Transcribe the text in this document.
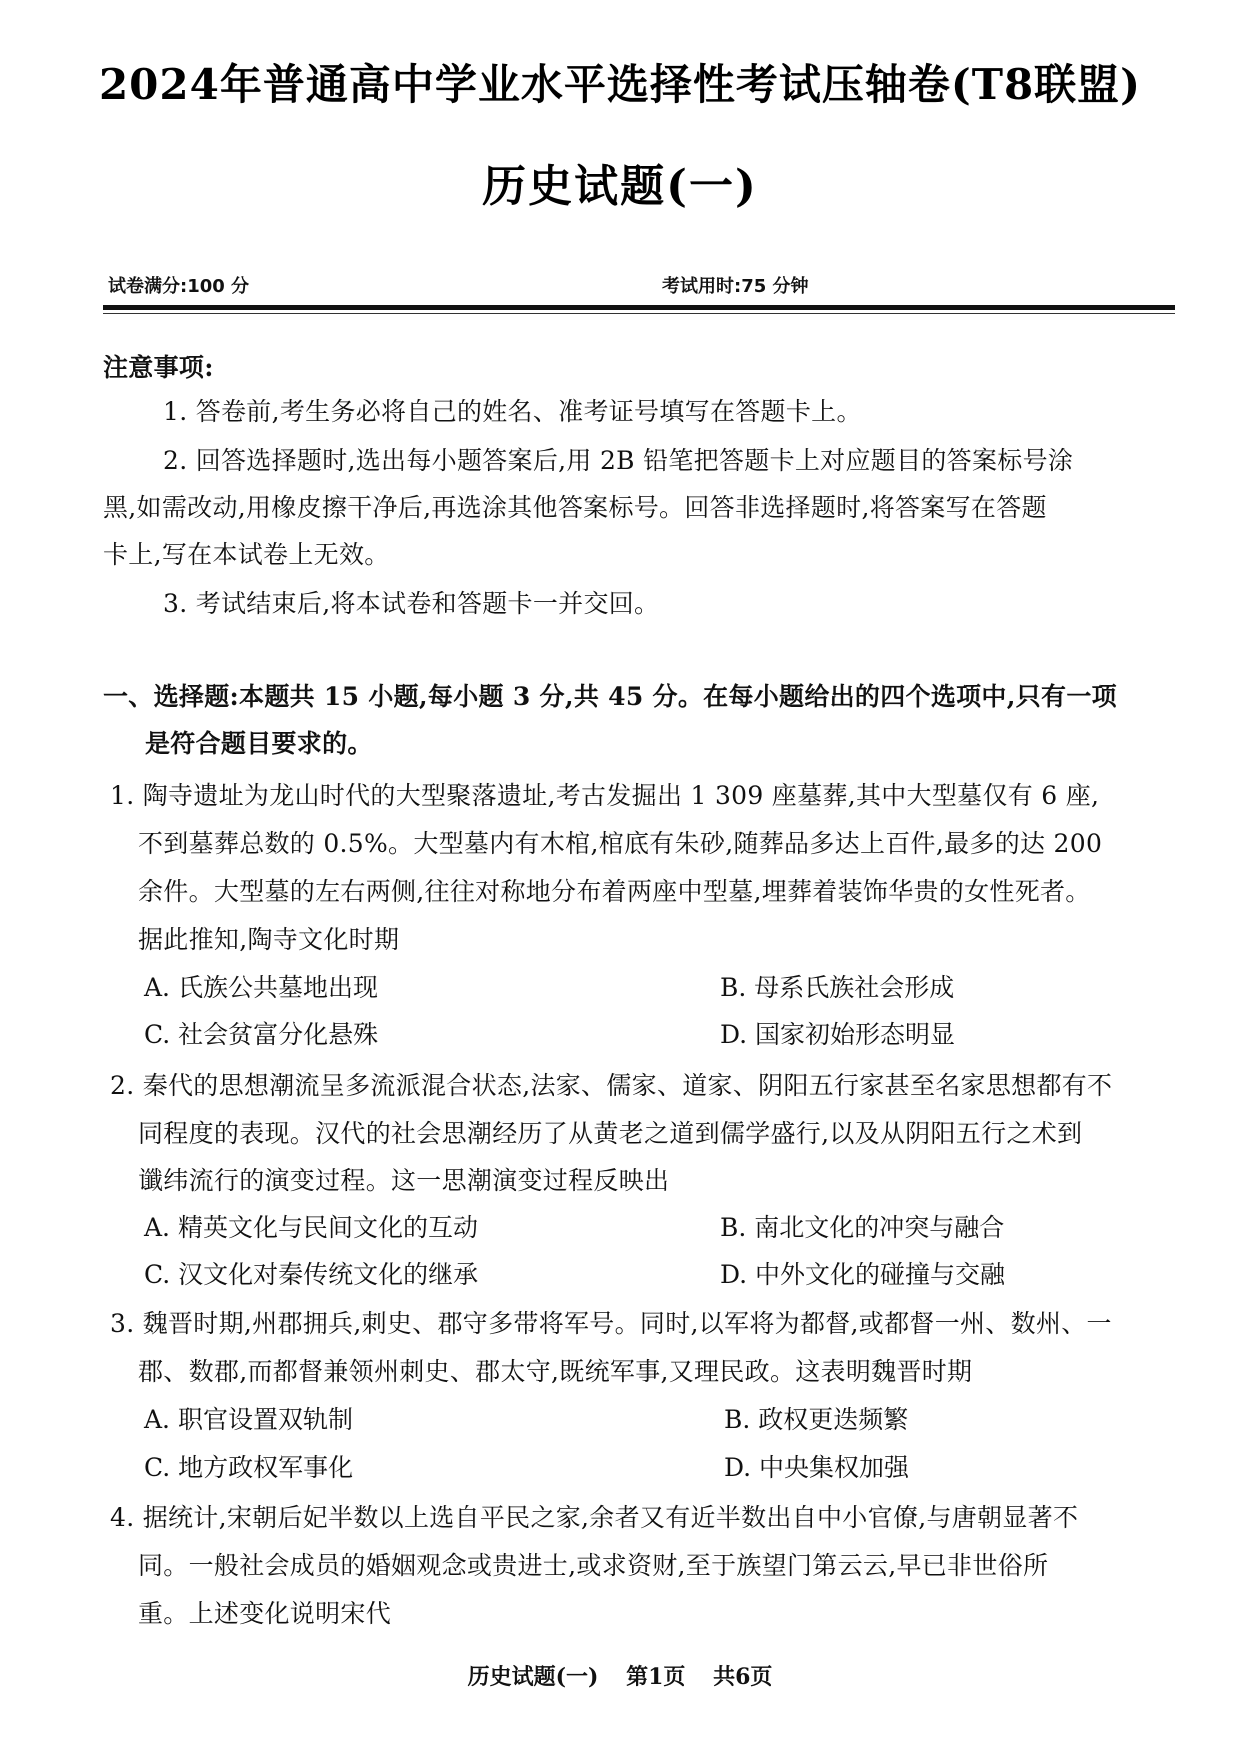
2024年普通高中学业水平选择性考试压轴卷(T8联盟)
历史试题(一)
试卷满分:100 分	考试用时:75 分钟
注意事项:
1. 答卷前,考生务必将自己的姓名、准考证号填写在答题卡上。
2. 回答选择题时,选出每小题答案后,用 2B 铅笔把答题卡上对应题目的答案标号涂
黑,如需改动,用橡皮擦干净后,再选涂其他答案标号。回答非选择题时,将答案写在答题
卡上,写在本试卷上无效。
3. 考试结束后,将本试卷和答题卡一并交回。
一、选择题:本题共 15 小题,每小题 3 分,共 45 分。在每小题给出的四个选项中,只有一项
是符合题目要求的。
1. 陶寺遗址为龙山时代的大型聚落遗址,考古发掘出 1 309 座墓葬,其中大型墓仅有 6 座,
不到墓葬总数的 0.5%。大型墓内有木棺,棺底有朱砂,随葬品多达上百件,最多的达 200
余件。大型墓的左右两侧,往往对称地分布着两座中型墓,埋葬着装饰华贵的女性死者。
据此推知,陶寺文化时期
A. 氏族公共墓地出现	B. 母系氏族社会形成
C. 社会贫富分化悬殊	D. 国家初始形态明显
2. 秦代的思想潮流呈多流派混合状态,法家、儒家、道家、阴阳五行家甚至名家思想都有不
同程度的表现。汉代的社会思潮经历了从黄老之道到儒学盛行,以及从阴阳五行之术到
谶纬流行的演变过程。这一思潮演变过程反映出
A. 精英文化与民间文化的互动	B. 南北文化的冲突与融合
C. 汉文化对秦传统文化的继承	D. 中外文化的碰撞与交融
3. 魏晋时期,州郡拥兵,刺史、郡守多带将军号。同时,以军将为都督,或都督一州、数州、一
郡、数郡,而都督兼领州刺史、郡太守,既统军事,又理民政。这表明魏晋时期
A. 职官设置双轨制	B. 政权更迭频繁
C. 地方政权军事化	D. 中央集权加强
4. 据统计,宋朝后妃半数以上选自平民之家,余者又有近半数出自中小官僚,与唐朝显著不
同。一般社会成员的婚姻观念或贵进士,或求资财,至于族望门第云云,早已非世俗所
重。上述变化说明宋代
历史试题(一) 第1页 共6页
